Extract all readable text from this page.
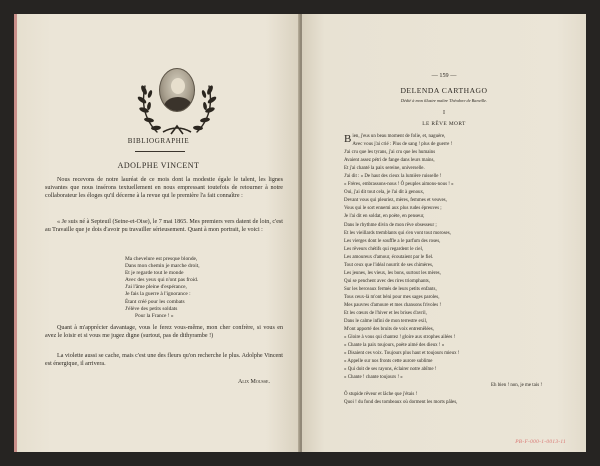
BIBLIOGRAPHIE
ADOLPHE VINCENT

Nous recevons de notre lauréat de ce mois dont la modestie égale le talent, les lignes suivantes que nous insérons textuellement en nous empressant toutefois de retourner à notre collaborateur les éloges qu'il décerne à la revue qui le première l'a fait connaître :

« Je suis né à Septeuil (Seine-et-Oise), le 7 mai 1865. Mes premiers vers datent de loin, c'est au Travaille que je dois d'avoir pu travailler sérieusement. Quant à mon portrait, le voici :

Ma chevelure est presque blonde,
Dans mon chemin je marche droit,
Et je regarde tout le monde
Avec des yeux qui n'ont pas froid.
J'ai l'âme pleine d'espérance,
Je fais la guerre à l'ignorance :
Étant créé pour les combats
J'élève des petits soldats
Pour la France ! »

Quant à m'apprécier davantage, vous le ferez vous-même, mon cher confrère, si vous en avez le loisir et si vous me jugez digne (surtout, pas de dithyrambe !)

La violette aussi se cache, mais c'est une des fleurs qu'on recherche le plus. Adolphe Vincent est énergique, il arrivera.

Alix Mousse.
— 159 —
DELENDA CARTHAGO
Dédié à mon illustre maître Théodore de Banville.
I
LE RÊVE MORT
B ien, j'eus un beau moment de folie, et, naguère,
Avec vous j'ai crié : Plus de sang ! plus de guerre !
J'ai cru que les tyrans, j'ai cru que les humains
Avaient assez pétri de fange dans leurs mains,
Et j'ai chanté la paix sereine, universelle.
J'ai dit : « De haut des cieux la lumière ruisselle !
« Frères, embrassons-nous ! Ô peuples aimons-nous ! »
Oui, j'ai dit tout cela, je l'ai dit à genoux,
Devant vous qui pleuriez, mères, femmes et veuves,
Vous qui le sort ennemi aux plus rudes épreuves ;
Je l'ai dit en soldat, en poète, en penseur,
Dans le rhythme divin de mon rêve obsesseur ;
Et les vieillards tremblants qui s'en vont tout moroses,
Les vierges dont le souffle a le parfum des roses,
Les rêveurs chétifs qui regardent le ciel,
Les amoureux d'amour, écoutaient par le fiel.
Tout ceux que l'idéal nourrit de ses chimères,
Les jeunes, les vieux, les bons, surtout les mères,
Qui se penchent avec des rires triomphants,
Sur les berceaux fermés de leurs petits enfants,
Tous ceux-là m'ont béni pour mes sages paroles,
Mes pauvres d'amoure et mes chansons frivoles !
Et les cœurs de l'hiver et les brises d'avril,
Dans le calme infini de mon terrestre exil,
M'ont apporté des bruits de voix entremêlées,
« Gloire à vous qui chantez ! gloire aux strophes ailées !
« Chante la paix toujours, poète aimé des dieux ! »
« Disaient ces voix. Toujours plus haut et toujours mieux !
« Appelle sur nos fronts cette aurore sublime
« Qui doit de ses rayons, éclairer notre abîme !
« Chante ! chante toujours ! »
Eh bien ! non, je me tais !
Ô stupide rêveur et lâche que j'étais !
Quoi ! du fond des tombeaux où dorment les morts pâles,
PB-F-000-1-0013-11
